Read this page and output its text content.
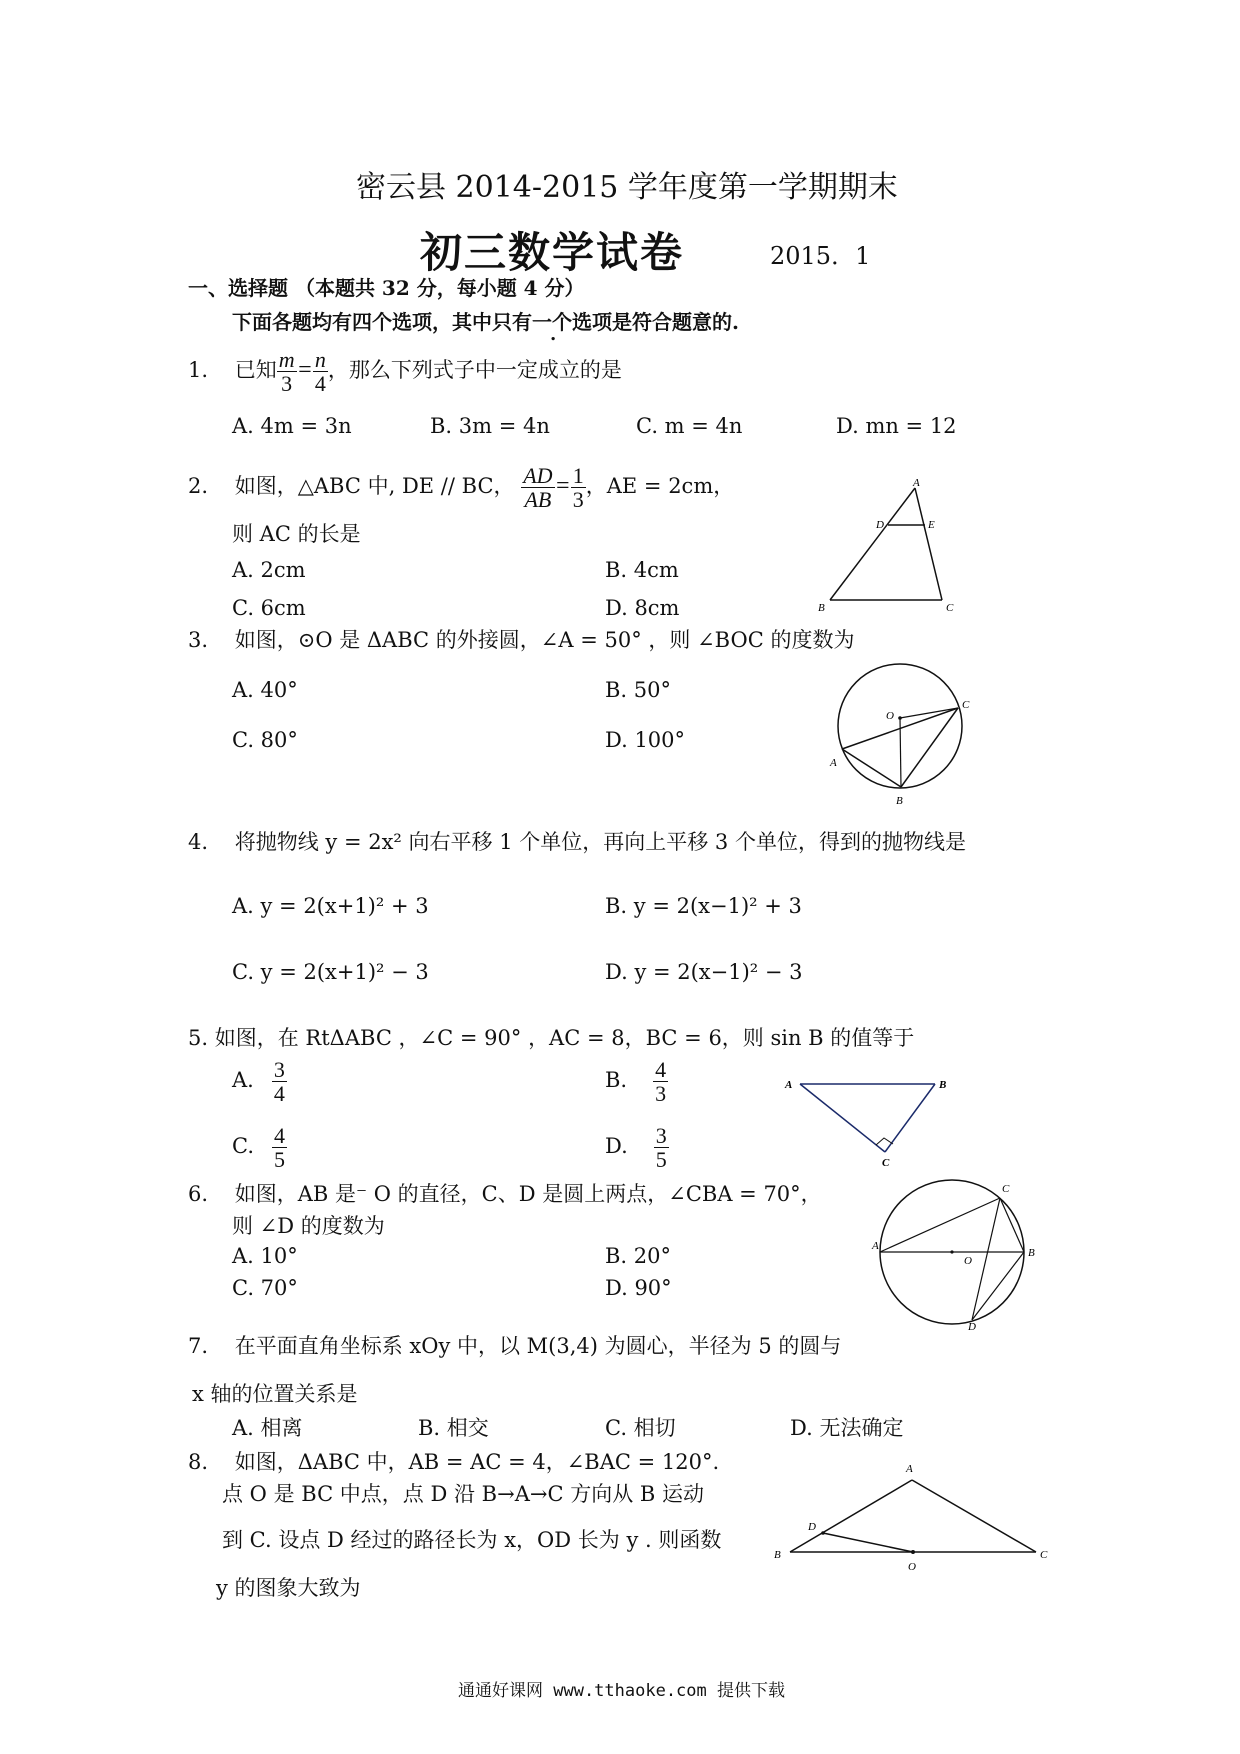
密云县 2014-2015 学年度第一学期期末
初三数学试卷	2015．1
一、选择题 （本题共 32 分，每小题 4 分）
下面各题均有四个选项，其中只有一个选项是符合题意的.
1. 已知 $\frac{m}{3} = \frac{n}{4}$ ，那么下列式子中一定成立的是
A. 4m = 3n	B. 3m = 4n	C. m = 4n	D. mn = 12
2. 如图，△ABC 中, DE // BC， $\frac{AD}{AB} = \frac{1}{3}$ ，AE = 2cm，
则 AC 的长是
A. 2cm	B. 4cm
C. 6cm	D. 8cm
A
D	E
B	C
3. 如图，⊙O 是 ΔABC 的外接圆，∠A = 50° ，则 ∠BOC 的度数为
A. 40°	B. 50°
C. 80°	D. 100°
O
C
A
B
4. 将抛物线 y = 2x² 向右平移 1 个单位，再向上平移 3 个单位，得到的抛物线是
A. y = 2(x+1)² + 3	B. y = 2(x−1)² + 3
C. y = 2(x+1)² − 3	D. y = 2(x−1)² − 3
5. 如图，在 RtΔABC ，∠C = 90° ，AC = 8，BC = 6，则 sin B 的值等于
A. $\frac{3}{4}$	B. $\frac{4}{3}$
C. $\frac{4}{5}$	D. $\frac{3}{5}$
A	B
C
6. 如图，AB 是⁻ O 的直径，C、D 是圆上两点，∠CBA = 70°，
则 ∠D 的度数为
A. 10°	B. 20°
C. 70°	D. 90°
A
B
C
D
O
7. 在平面直角坐标系 xOy 中，以 M(3,4) 为圆心，半径为 5 的圆与
x 轴的位置关系是
A. 相离	B. 相交	C. 相切	D. 无法确定
8. 如图，ΔABC 中，AB = AC = 4，∠BAC = 120°.
点 O 是 BC 中点，点 D 沿 B→A→C 方向从 B 运动
到 C. 设点 D 经过的路径长为 x，OD 长为 y . 则函数
y 的图象大致为
A
B	C
D
O
通通好课网 www.tthaoke.com 提供下载
